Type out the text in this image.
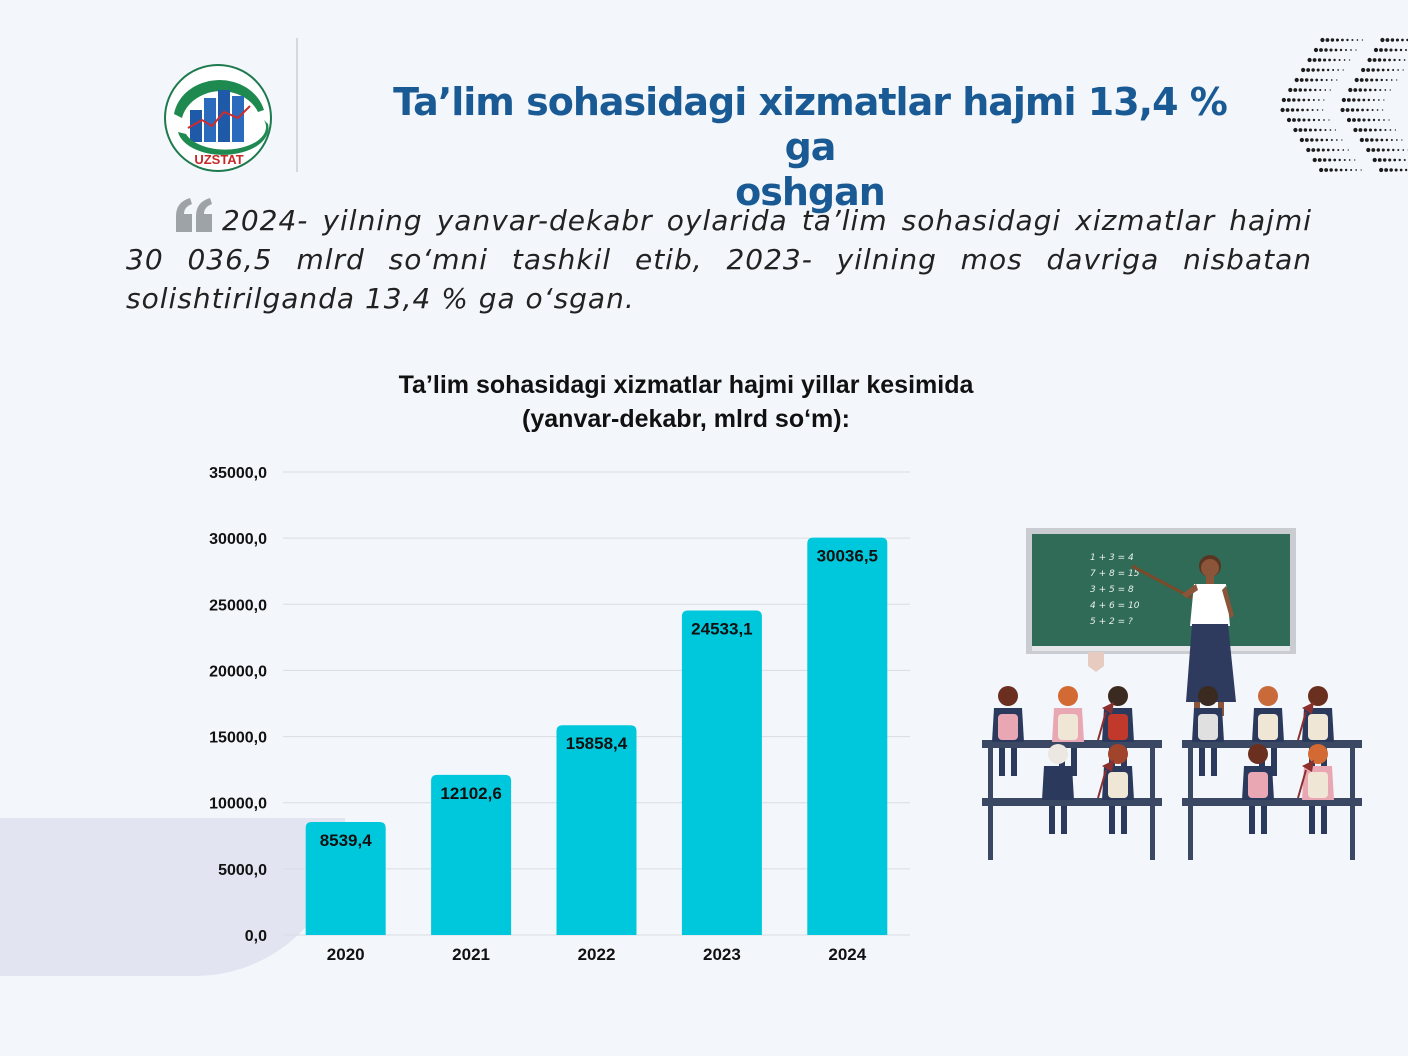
UZSTAT
Ta’lim sohasidagi xizmatlar hajmi 13,4 % ga
oshgan
2024- yilning yanvar-dekabr oylarida ta’lim sohasidagi xizmatlar hajmi 30 036,5 mlrd so‘mni tashkil etib, 2023- yilning mos davriga nisbatan solishtirilganda 13,4 % ga o‘sgan.
Ta’lim sohasidagi xizmatlar hajmi yillar kesimida
(yanvar-dekabr, mlrd so‘m):
0,0
5000,0
10000,0
15000,0
20000,0
25000,0
30000,0
35000,0
8539,4
2020
12102,6
2021
15858,4
2022
24533,1
2023
30036,5
2024
1 + 3 = 4
7 + 8 = 15
3 + 5 = 8
4 + 6 = 10
5 + 2 = ?
